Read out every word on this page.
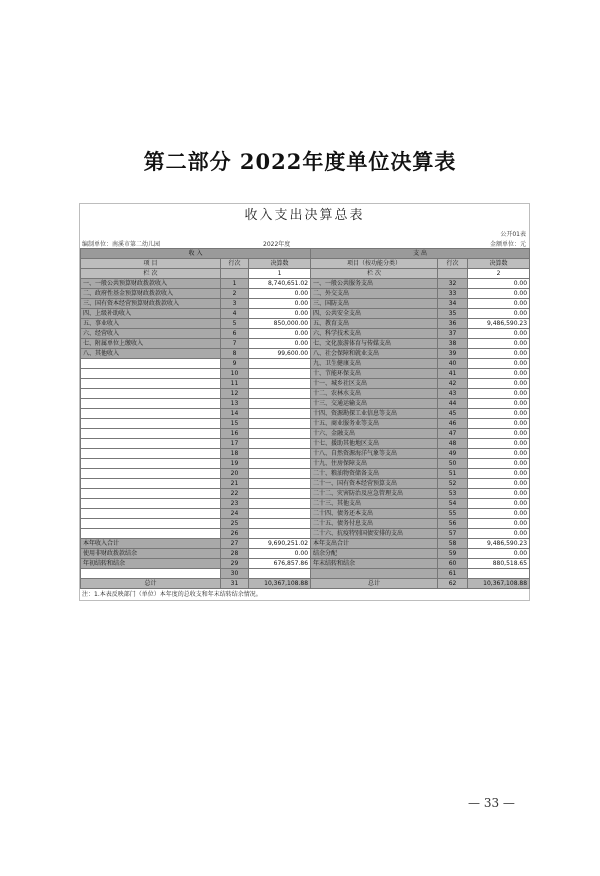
第二部分 2022年度单位决算表
收入支出决算总表
公开01表
编制单位：南溪市第二幼儿园	2022年度	金额单位：元
收 入			支 出		
项 目	行次	决算数	项目（按功能分类）	行次	决算数
栏 次		1	栏 次		2
一、一般公共预算财政拨款收入	1	8,740,651.02	一、一般公共服务支出	32	0.00
二、政府性基金预算财政拨款收入	2	0.00	二、外交支出	33	0.00
三、国有资本经营预算财政拨款收入	3	0.00	三、国防支出	34	0.00
四、上级补助收入	4	0.00	四、公共安全支出	35	0.00
五、事业收入	5	850,000.00	五、教育支出	36	9,486,590.23
六、经营收入	6	0.00	六、科学技术支出	37	0.00
七、附属单位上缴收入	7	0.00	七、文化旅游体育与传媒支出	38	0.00
八、其他收入	8	99,600.00	八、社会保障和就业支出	39	0.00
	9		九、卫生健康支出	40	0.00
	10		十、节能环保支出	41	0.00
	11		十一、城乡社区支出	42	0.00
	12		十二、农林水支出	43	0.00
	13		十三、交通运输支出	44	0.00
	14		十四、资源勘探工业信息等支出	45	0.00
	15		十五、商业服务业等支出	46	0.00
	16		十六、金融支出	47	0.00
	17		十七、援助其他地区支出	48	0.00
	18		十八、自然资源海洋气象等支出	49	0.00
	19		十九、住房保障支出	50	0.00
	20		二十、粮油物资储备支出	51	0.00
	21		二十一、国有资本经营预算支出	52	0.00
	22		二十二、灾害防治及应急管理支出	53	0.00
	23		二十三、其他支出	54	0.00
	24		二十四、债务还本支出	55	0.00
	25		二十五、债务付息支出	56	0.00
	26		二十六、抗疫特别国债安排的支出	57	0.00
本年收入合计	27	9,690,251.02	本年支出合计	58	9,486,590.23
使用非财政拨款结余	28	0.00	结余分配	59	0.00
年初结转和结余	29	676,857.86	年末结转和结余	60	880,518.65
	30			61	
总计	31	10,367,108.88	总计	62	10,367,108.88
注：1.本表反映部门（单位）本年度的总收支和年末结转结余情况。
— 33 —
